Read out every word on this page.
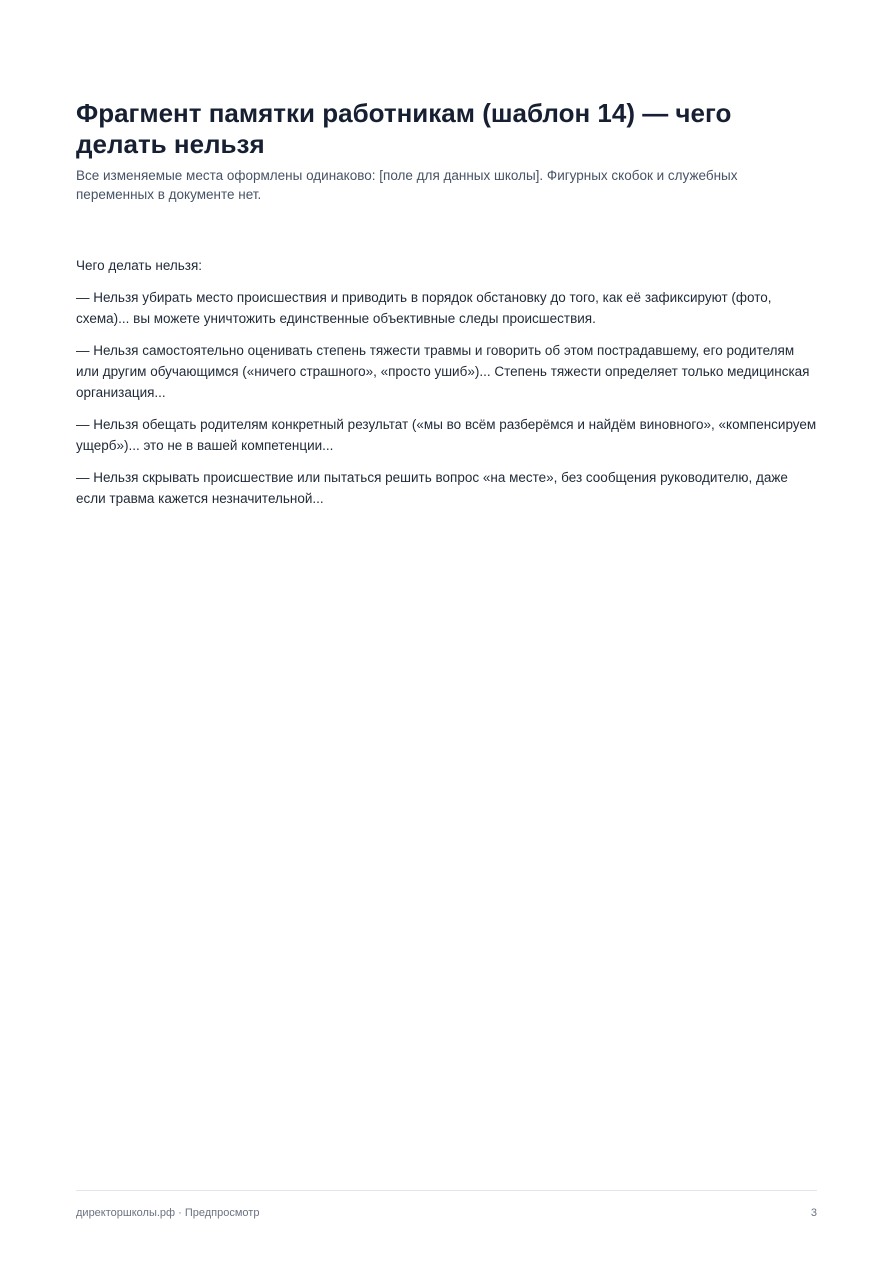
Фрагмент памятки работникам (шаблон 14) — чего делать нельзя

Все изменяемые места оформлены одинаково: [поле для данных школы]. Фигурных скобок и служебных переменных в документе нет.

Чего делать нельзя:

— Нельзя убирать место происшествия и приводить в порядок обстановку до того, как её зафиксируют (фото, схема)... вы можете уничтожить единственные объективные следы происшествия.

— Нельзя самостоятельно оценивать степень тяжести травмы и говорить об этом пострадавшему, его родителям или другим обучающимся («ничего страшного», «просто ушиб»)... Степень тяжести определяет только медицинская организация...

— Нельзя обещать родителям конкретный результат («мы во всём разберёмся и найдём виновного», «компенсируем ущерб»)... это не в вашей компетенции...

— Нельзя скрывать происшествие или пытаться решить вопрос «на месте», без сообщения руководителю, даже если травма кажется незначительной...

директоршколы.рф · Предпросмотр	3
